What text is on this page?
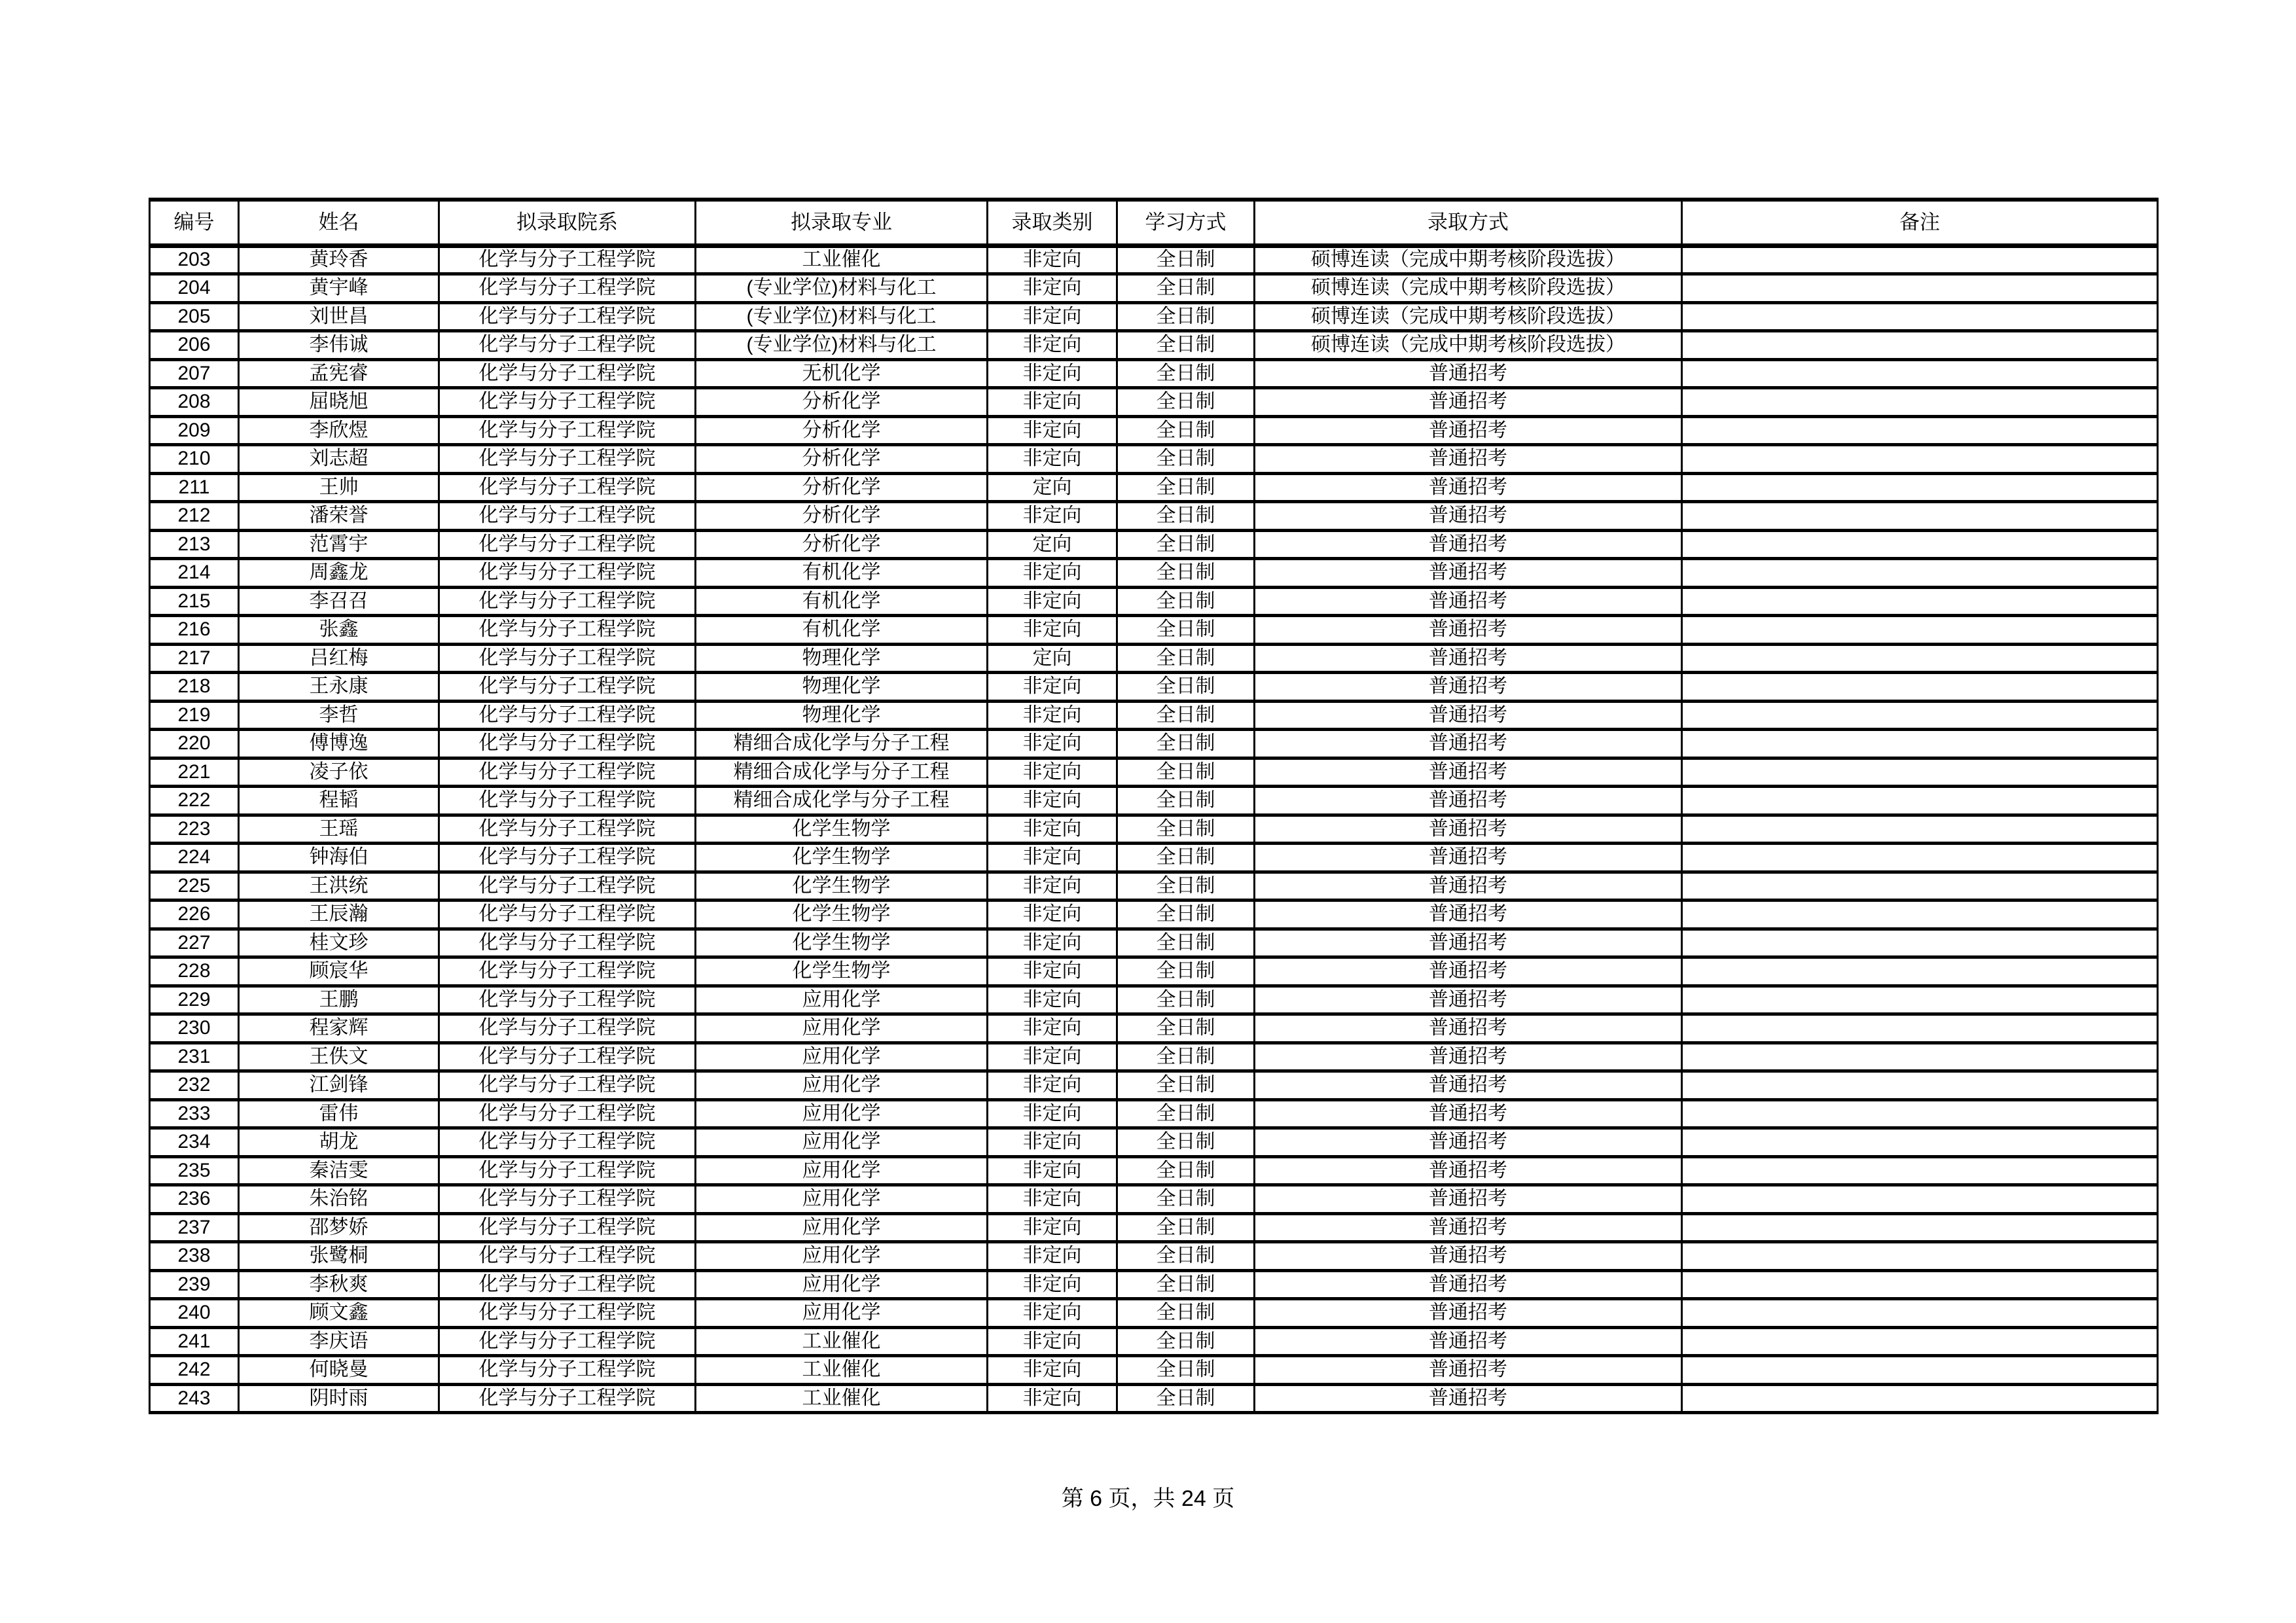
编号	姓名	拟录取院系	拟录取专业	录取类别	学习方式	录取方式	备注
203	黄玲香	化学与分子工程学院	工业催化	非定向	全日制	硕博连读（完成中期考核阶段选拔）	
204	黄宇峰	化学与分子工程学院	(专业学位)材料与化工	非定向	全日制	硕博连读（完成中期考核阶段选拔）	
205	刘世昌	化学与分子工程学院	(专业学位)材料与化工	非定向	全日制	硕博连读（完成中期考核阶段选拔）	
206	李伟诚	化学与分子工程学院	(专业学位)材料与化工	非定向	全日制	硕博连读（完成中期考核阶段选拔）	
207	孟宪睿	化学与分子工程学院	无机化学	非定向	全日制	普通招考	
208	屈晓旭	化学与分子工程学院	分析化学	非定向	全日制	普通招考	
209	李欣煜	化学与分子工程学院	分析化学	非定向	全日制	普通招考	
210	刘志超	化学与分子工程学院	分析化学	非定向	全日制	普通招考	
211	王帅	化学与分子工程学院	分析化学	定向	全日制	普通招考	
212	潘荣誉	化学与分子工程学院	分析化学	非定向	全日制	普通招考	
213	范霄宇	化学与分子工程学院	分析化学	定向	全日制	普通招考	
214	周鑫龙	化学与分子工程学院	有机化学	非定向	全日制	普通招考	
215	李召召	化学与分子工程学院	有机化学	非定向	全日制	普通招考	
216	张鑫	化学与分子工程学院	有机化学	非定向	全日制	普通招考	
217	吕红梅	化学与分子工程学院	物理化学	定向	全日制	普通招考	
218	王永康	化学与分子工程学院	物理化学	非定向	全日制	普通招考	
219	李哲	化学与分子工程学院	物理化学	非定向	全日制	普通招考	
220	傅博逸	化学与分子工程学院	精细合成化学与分子工程	非定向	全日制	普通招考	
221	凌子依	化学与分子工程学院	精细合成化学与分子工程	非定向	全日制	普通招考	
222	程韬	化学与分子工程学院	精细合成化学与分子工程	非定向	全日制	普通招考	
223	王瑶	化学与分子工程学院	化学生物学	非定向	全日制	普通招考	
224	钟海伯	化学与分子工程学院	化学生物学	非定向	全日制	普通招考	
225	王洪统	化学与分子工程学院	化学生物学	非定向	全日制	普通招考	
226	王辰瀚	化学与分子工程学院	化学生物学	非定向	全日制	普通招考	
227	桂文珍	化学与分子工程学院	化学生物学	非定向	全日制	普通招考	
228	顾宸华	化学与分子工程学院	化学生物学	非定向	全日制	普通招考	
229	王鹏	化学与分子工程学院	应用化学	非定向	全日制	普通招考	
230	程家辉	化学与分子工程学院	应用化学	非定向	全日制	普通招考	
231	王佚文	化学与分子工程学院	应用化学	非定向	全日制	普通招考	
232	江剑锋	化学与分子工程学院	应用化学	非定向	全日制	普通招考	
233	雷伟	化学与分子工程学院	应用化学	非定向	全日制	普通招考	
234	胡龙	化学与分子工程学院	应用化学	非定向	全日制	普通招考	
235	秦洁雯	化学与分子工程学院	应用化学	非定向	全日制	普通招考	
236	朱治铭	化学与分子工程学院	应用化学	非定向	全日制	普通招考	
237	邵梦娇	化学与分子工程学院	应用化学	非定向	全日制	普通招考	
238	张鹭桐	化学与分子工程学院	应用化学	非定向	全日制	普通招考	
239	李秋爽	化学与分子工程学院	应用化学	非定向	全日制	普通招考	
240	顾文鑫	化学与分子工程学院	应用化学	非定向	全日制	普通招考	
241	李庆语	化学与分子工程学院	工业催化	非定向	全日制	普通招考	
242	何晓曼	化学与分子工程学院	工业催化	非定向	全日制	普通招考	
243	阴时雨	化学与分子工程学院	工业催化	非定向	全日制	普通招考	
第 6 页，共 24 页
